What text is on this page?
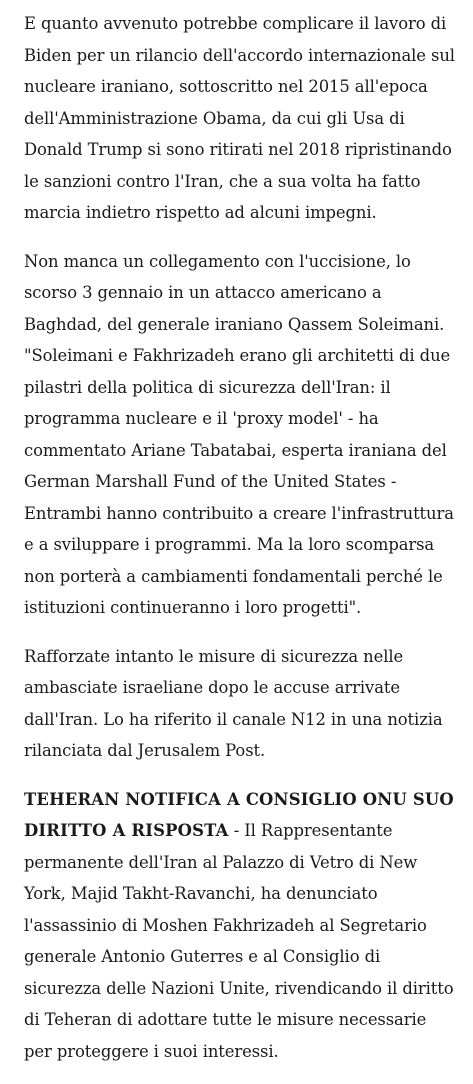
E quanto avvenuto potrebbe complicare il lavoro di Biden per un rilancio dell'accordo internazionale sul nucleare iraniano, sottoscritto nel 2015 all'epoca dell'Amministrazione Obama, da cui gli Usa di Donald Trump si sono ritirati nel 2018 ripristinando le sanzioni contro l'Iran, che a sua volta ha fatto marcia indietro rispetto ad alcuni impegni.

Non manca un collegamento con l'uccisione, lo scorso 3 gennaio in un attacco americano a Baghdad, del generale iraniano Qassem Soleimani. "Soleimani e Fakhrizadeh erano gli architetti di due pilastri della politica di sicurezza dell'Iran: il programma nucleare e il 'proxy model' - ha commentato Ariane Tabatabai, esperta iraniana del German Marshall Fund of the United States - Entrambi hanno contribuito a creare l'infrastruttura e a sviluppare i programmi. Ma la loro scomparsa non porterà a cambiamenti fondamentali perché le istituzioni continueranno i loro progetti".

Rafforzate intanto le misure di sicurezza nelle ambasciate israeliane dopo le accuse arrivate dall'Iran. Lo ha riferito il canale N12 in una notizia rilanciata dal Jerusalem Post.

TEHERAN NOTIFICA A CONSIGLIO ONU SUO DIRITTO A RISPOSTA - Il Rappresentante permanente dell'Iran al Palazzo di Vetro di New York, Majid Takht-Ravanchi, ha denunciato l'assassinio di Moshen Fakhrizadeh al Segretario generale Antonio Guterres e al Consiglio di sicurezza delle Nazioni Unite, rivendicando il diritto di Teheran di adottare tutte le misure necessarie per proteggere i suoi interessi.
